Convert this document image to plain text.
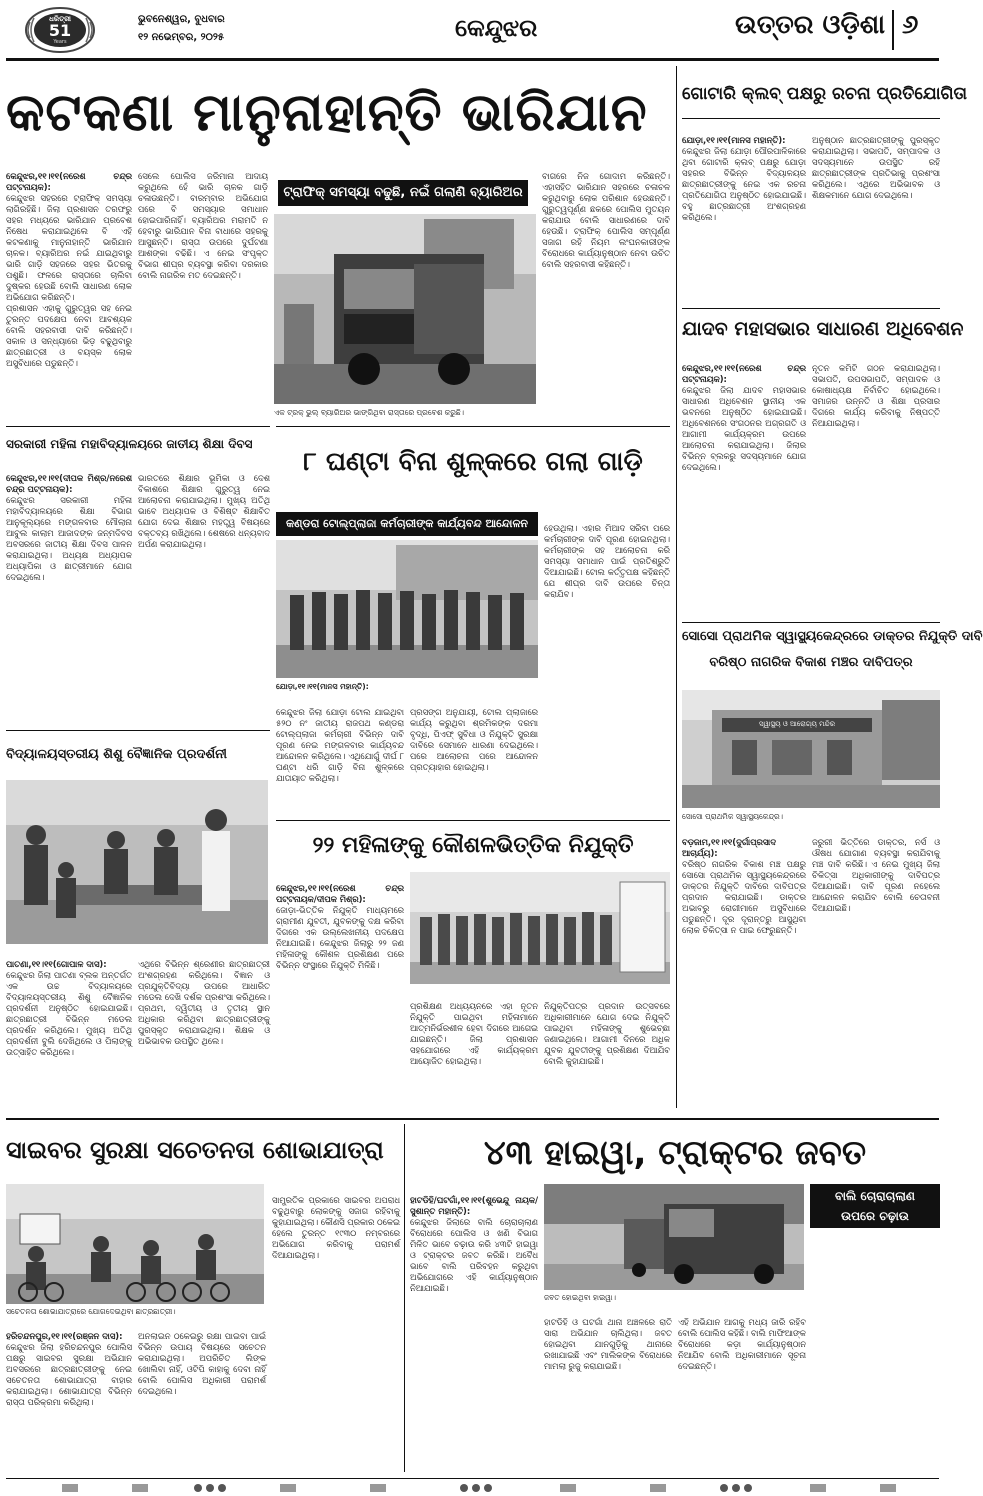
ଧରିତ୍ରୀ
51
Years
ଭୁବନେଶ୍ୱର, ବୁଧବାର
୧୨ ନଭେମ୍ବର, ୨୦୨୫	କେନ୍ଦୁଝର	ଉତ୍ତର ଓଡ଼ିଶା ୬
କଟକଣା ମାନୁନାହାନ୍ତି ଭାରିଯାନ
ଟ୍ରାଫିକ୍ ସମସ୍ୟା ବଢୁଛି, ନଇଁ ଗଲାଣି ବ୍ୟାରିଅର

କେନ୍ଦୁଝର,୧୧।୧୧(ନରେଶ ଚନ୍ଦ୍ର ପଟ୍ଟନାୟକ):
କେନ୍ଦୁଝର ସହରରେ ଟ୍ରାଫିକ୍ ସମସ୍ୟା ଲାଗିରହିଛି। ଜିଲା ପ୍ରଶାସନ ତରଫରୁ ସହର ମଧ୍ୟରେ ଭାରିଯାନ ପ୍ରବେଶ ନିଷେଧ କରାଯାଇଥିଲେ ବି ଏହି କଟକଣାକୁ ମାନୁନାହାନ୍ତି ଭାରିଯାନ ଚାଳକ। ବ୍ୟାରିଅର ନଇଁ ଯାଇଥିବାରୁ ଭାରି ଗାଡ଼ି ସହଜରେ ସହର ଭିତରକୁ ପଶୁଛି। ଫଳରେ ରାସ୍ତାରେ ଚାଲିବା ଦୁଷ୍କର ହେଉଛି ବୋଲି ସାଧାରଣ ଲୋକ ଅଭିଯୋଗ କରିଛନ୍ତି।
ପ୍ରଶାସନ ଏହାକୁ ଗୁରୁତ୍ୱର ସହ ନେଇ ତୁରନ୍ତ ପଦକ୍ଷେପ ନେବା ଆବଶ୍ୟକ ବୋଲି ସହରବାସୀ ଦାବି କରିଛନ୍ତି। ସକାଳ ଓ ସନ୍ଧ୍ୟାରେ ଭିଡ଼ ବଢୁଥିବାରୁ ଛାତ୍ରଛାତ୍ରୀ ଓ ବୟସ୍କ ଲୋକ ଅସୁବିଧାରେ ପଡୁଛନ୍ତି।

ସେଲେ ପୋଲିସ ଜରିମାନା ଆଦାୟ କରୁଥିଲେ ହେଁ ଭାରି ଚାଳକ ଗାଡ଼ି ଚଳାଉଛନ୍ତି। ବାରମ୍ବାର ଅଭିଯୋଗ ପରେ ବି ସମସ୍ୟାର ସମାଧାନ ହୋଇପାରିନାହିଁ। ବ୍ୟାରିଅର ମରାମତି ନ ହେବାରୁ ଭାରିଯାନ ବିନା ବାଧାରେ ସହରକୁ ଆସୁଛନ୍ତି। ରାସ୍ତା ଉପରେ ଦୁର୍ଘଟଣା ଆଶଙ୍କା ବଢିଛି। ଏ ନେଇ ସଂପୃକ୍ତ ବିଭାଗ ଶୀଘ୍ର ବ୍ୟବସ୍ଥା କରିବା ଦରକାର ବୋଲି ନାଗରିକ ମତ ଦେଇଛନ୍ତି।

ଏକ ଟ୍ରକ୍ ଭୁଲ୍ ବ୍ୟାରିଅର ଭାଙ୍ଗିଥିବା ରାସ୍ତାରେ ପ୍ରବେଶ କରୁଛି।

ବାଗରେ ନିଜ ଗୋଦାମ କରିଛନ୍ତି। ଏହାସହିତ ଭାରିଯାନ ସହରରେ ଚଳାଚଳ କରୁଥିବାରୁ ଲୋକ ପରିଶାନ ହେଉଛନ୍ତି। ଗୁରୁତ୍ୱପୂର୍ଣ୍ଣ ଛକରେ ପୋଲିସ ମୁତୟନ କରାଯାଉ ବୋଲି ସାଧାରଣରେ ଦାବି ହେଉଛି। ଟ୍ରାଫିକ୍ ପୋଲିସ ସମ୍ପୂର୍ଣ୍ଣ ସଜାଗ ରହି ନିୟମ ଲଂଘନକାରୀଙ୍କ ବିରୋଧରେ କାର୍ଯ୍ୟାନୁଷ୍ଠାନ ନେବା ଉଚିତ ବୋଲି ସହରବାସୀ କହିଛନ୍ତି।

ଗୋଟାରି କ୍ଲବ୍ ପକ୍ଷରୁ ରଚନା ପ୍ରତିଯୋଗିତା

ଯୋଡ଼ା,୧୧।୧୧(ମାନସ ମହାନ୍ତି):
କେନ୍ଦୁଝର ଜିଲା ଯୋଡ଼ା ପୌରପାଳିକାରେ ଥିବା ଗୋଟାରି କ୍ଲବ୍ ପକ୍ଷରୁ ଯୋଡ଼ା ସହରର ବିଭିନ୍ନ ବିଦ୍ୟାଳୟର ଛାତ୍ରଛାତ୍ରୀଙ୍କୁ ନେଇ ଏକ ରଚନା ପ୍ରତିଯୋଗିତା ଅନୁଷ୍ଠିତ ହୋଇଯାଇଛି। ବହୁ ଛାତ୍ରଛାତ୍ରୀ ଅଂଶଗ୍ରହଣ କରିଥିଲେ।

ଅନୁଷ୍ଠାନ ଛାତ୍ରଛାତ୍ରୀଙ୍କୁ ପୁରସ୍କୃତ କରାଯାଇଥିଲା। ସଭାପତି, ସମ୍ପାଦକ ଓ ସଦସ୍ୟମାନେ ଉପସ୍ଥିତ ରହି ଛାତ୍ରଛାତ୍ରୀଙ୍କ ପ୍ରତିଭାକୁ ପ୍ରଶଂସା କରିଥିଲେ। ଏଥିରେ ଅଭିଭାବକ ଓ ଶିକ୍ଷକମାନେ ଯୋଗ ଦେଇଥିଲେ।

ଯାଦବ ମହାସଭାର ସାଧାରଣ ଅଧିବେଶନ

କେନ୍ଦୁଝର,୧୧।୧୧(ନରେଶ ଚନ୍ଦ୍ର ପଟ୍ଟନାୟକ):
କେନ୍ଦୁଝର ଜିଲା ଯାଦବ ମହାସଭାର ସାଧାରଣ ଅଧିବେଶନ ସ୍ଥାନୀୟ ଏକ ଭବନରେ ଅନୁଷ୍ଠିତ ହୋଇଯାଇଛି। ଅଧିବେଶନରେ ସଂଗଠନର ଅଗ୍ରଗତି ଓ ଆଗାମୀ କାର୍ଯ୍ୟକ୍ରମ ଉପରେ ଆଲୋଚନା କରାଯାଇଥିଲା। ଜିଲାର ବିଭିନ୍ନ ବ୍ଲକରୁ ସଦସ୍ୟମାନେ ଯୋଗ ଦେଇଥିଲେ।

ନୂତନ କମିଟି ଗଠନ କରାଯାଇଥିଲା। ସଭାପତି, ଉପସଭାପତି, ସମ୍ପାଦକ ଓ କୋଷାଧ୍ୟକ୍ଷ ନିର୍ବାଚିତ ହୋଇଥିଲେ। ସମାଜର ଉନ୍ନତି ଓ ଶିକ୍ଷା ପ୍ରସାର ଦିଗରେ କାର୍ଯ୍ୟ କରିବାକୁ ନିଷ୍ପତ୍ତି ନିଆଯାଇଥିଲା।

ସୋସୋ ପ୍ରାଥମିକ ସ୍ୱାସ୍ଥ୍ୟକେନ୍ଦ୍ରରେ ଡାକ୍ତର ନିଯୁକ୍ତି ଦାବି
ବରିଷ୍ଠ ନାଗରିକ ବିକାଶ ମଞ୍ଚର ଦାବିପତ୍ର
ସ୍ୱାସ୍ଥ୍ୟ ଓ ଆରୋଗ୍ୟ ମନ୍ଦିର
ସୋସୋ ପ୍ରାଥମିକ ସ୍ୱାସ୍ଥ୍ୟକେନ୍ଦ୍ର।

ବଡ଼ଜାମ,୧୧।୧୧(ଦୁର୍ଗାପ୍ରସାଦ ଆଚାର୍ଯ୍ୟ):
ବରିଷ୍ଠ ନାଗରିକ ବିକାଶ ମଞ୍ଚ ପକ୍ଷରୁ ସୋସୋ ପ୍ରାଥମିକ ସ୍ୱାସ୍ଥ୍ୟକେନ୍ଦ୍ରରେ ଡାକ୍ତର ନିଯୁକ୍ତି ଦାବିରେ ଦାବିପତ୍ର ପ୍ରଦାନ କରାଯାଇଛି। ଡାକ୍ତର ଅଭାବରୁ ରୋଗୀମାନେ ଅସୁବିଧାରେ ପଡୁଛନ୍ତି। ଦୂର ଦୂରାନ୍ତରୁ ଆସୁଥିବା ଲୋକ ଚିକିତ୍ସା ନ ପାଇ ଫେରୁଛନ୍ତି।

ଜରୁରୀ ଭିତ୍ତିରେ ଡାକ୍ତର, ନର୍ସ ଓ ଔଷଧ ଯୋଗାଣ ବ୍ୟବସ୍ଥା କରାଯିବାକୁ ମଞ୍ଚ ଦାବି କରିଛି। ଏ ନେଇ ମୁଖ୍ୟ ଜିଲା ଚିକିତ୍ସା ଅଧିକାରୀଙ୍କୁ ଦାବିପତ୍ର ଦିଆଯାଇଛି। ଦାବି ପୂରଣ ନହେଲେ ଆନ୍ଦୋଳନ କରାଯିବ ବୋଲି ଚେତାବନୀ ଦିଆଯାଇଛି।

ସରକାରୀ ମହିଳା ମହାବିଦ୍ୟାଳୟରେ ଜାତୀୟ ଶିକ୍ଷା ଦିବସ

କେନ୍ଦୁଝର,୧୧।୧୧(ଦୀପକ ମିଶ୍ର/ନରେଶ ଚନ୍ଦ୍ର ପଟ୍ଟନାୟକ):
କେନ୍ଦୁଝର ସରକାରୀ ମହିଳା ମହାବିଦ୍ୟାଳୟରେ ଶିକ୍ଷା ବିଭାଗ ଆନୁକୂଲ୍ୟରେ ମଙ୍ଗଳବାର ମୌଲାନା ଆବୁଲ କାଲାମ ଆଜାଦଙ୍କ ଜନ୍ମଦିବସ ଅବସରରେ ଜାତୀୟ ଶିକ୍ଷା ଦିବସ ପାଳନ କରାଯାଇଥିଲା। ଅଧ୍ୟକ୍ଷ ଅଧ୍ୟାପକ ଅଧ୍ୟାପିକା ଓ ଛାତ୍ରୀମାନେ ଯୋଗ ଦେଇଥିଲେ।

ଭାରତରେ ଶିକ୍ଷାର ଭୂମିକା ଓ ଦେଶ ବିକାଶରେ ଶିକ୍ଷାର ଗୁରୁତ୍ୱ ନେଇ ଆଲୋଚନା କରାଯାଇଥିଲା। ମୁଖ୍ୟ ଅତିଥି ଭାବେ ଅଧ୍ୟାପକ ଓ ବିଶିଷ୍ଟ ଶିକ୍ଷାବିତ ଯୋଗ ଦେଇ ଶିକ୍ଷାର ମହତ୍ତ୍ୱ ବିଷୟରେ ବକ୍ତବ୍ୟ ରଖିଥିଲେ। ଶେଷରେ ଧନ୍ୟବାଦ ଅର୍ପଣ କରାଯାଇଥିଲା।

୮ ଘଣ୍ଟା ବିନା ଶୁଳ୍କରେ ଗଲା ଗାଡ଼ି
କଣ୍ଡରା ଟୋଲ୍‌ପ୍ଲାଜା କର୍ମଚାରୀଙ୍କ କାର୍ଯ୍ୟବନ୍ଦ ଆନ୍ଦୋଳନ
ଯୋଡ଼ା,୧୧।୧୧(ମାନସ ମହାନ୍ତି):

କେନ୍ଦୁଝର ଜିଲା ଯୋଡ଼ା ଟୋଲ ଯାଇଥିବା ୫୨୦ ନଂ ଜାତୀୟ ରାଜପଥ କଣ୍ଡରା ଟୋଲ୍‌ପ୍ଲାଜା କର୍ମଚାରୀ ବିଭିନ୍ନ ଦାବି ପୂରଣ ନେଇ ମଙ୍ଗଳବାର କାର୍ଯ୍ୟବନ୍ଦ ଆନ୍ଦୋଳନ କରିଥିଲେ। ଏଥିଯୋଗୁଁ ଦୀର୍ଘ ୮ ଘଣ୍ଟା ଧରି ଗାଡ଼ି ବିନା ଶୁଳ୍କରେ ଯାତାୟାତ କରିଥିଲା।

ପ୍ରସଙ୍ଗ ଅନୁଯାୟୀ, ଟୋଲ ପ୍ଲାଜାରେ କାର୍ଯ୍ୟ କରୁଥିବା ଶ୍ରମିକଙ୍କ ଦରମା ବୃଦ୍ଧି, ପିଏଫ୍ ସୁବିଧା ଓ ନିଯୁକ୍ତି ସୁରକ୍ଷା ଦାବିରେ ସେମାନେ ଧାରଣା ଦେଇଥିଲେ। ପରେ ଆଲୋଚନା ପରେ ଆନ୍ଦୋଳନ ପ୍ରତ୍ୟାହାର ହୋଇଥିଲା।

ହେଉଥିଲା। ଏହାର ମିଆଦ ସରିବା ପରେ କର୍ମଚାରୀଙ୍କ ଦାବି ପୂରଣ ହୋଇନଥିଲା। କର୍ମଚାରୀଙ୍କ ସହ ଆଲୋଚନା କରି ସମସ୍ୟା ସମାଧାନ ପାଇଁ ପ୍ରତିଶ୍ରୁତି ଦିଆଯାଇଛି। ଟୋଲ କର୍ତ୍ତୃପକ୍ଷ କହିଛନ୍ତି ଯେ ଶୀଘ୍ର ଦାବି ଉପରେ ଚିନ୍ତା କରାଯିବ।

ବିଦ୍ୟାଳୟସ୍ତରୀୟ ଶିଶୁ ବୈଜ୍ଞାନିକ ପ୍ରଦର୍ଶନୀ

ପାତଣା,୧୧।୧୧(ଗୋପାଳ ଦାସ):
କେନ୍ଦୁଝର ଜିଲା ପାତଣା ବ୍ଲକ ଅନ୍ତର୍ଗତ ଏକ ଉଚ୍ଚ ବିଦ୍ୟାଳୟରେ ବିଦ୍ୟାଳୟସ୍ତରୀୟ ଶିଶୁ ବୈଜ୍ଞାନିକ ପ୍ରଦର୍ଶନୀ ଅନୁଷ୍ଠିତ ହୋଇଯାଇଛି। ଛାତ୍ରଛାତ୍ରୀ ବିଭିନ୍ନ ମଡେଲ ପ୍ରଦର୍ଶନ କରିଥିଲେ। ମୁଖ୍ୟ ଅତିଥି ପ୍ରଦର୍ଶନୀ ବୁଲି ଦେଖିଥିଲେ ଓ ପିଲାଙ୍କୁ ଉତ୍ସାହିତ କରିଥିଲେ।

ଏଥିରେ ବିଭିନ୍ନ ଶ୍ରେଣୀର ଛାତ୍ରଛାତ୍ରୀ ଅଂଶଗ୍ରହଣ କରିଥିଲେ। ବିଜ୍ଞାନ ଓ ପ୍ରଯୁକ୍ତିବିଦ୍ୟା ଉପରେ ଆଧାରିତ ମଡେଲ ଦେଖି ଦର୍ଶକ ପ୍ରଶଂସା କରିଥିଲେ। ପ୍ରଥମ, ଦ୍ୱିତୀୟ ଓ ତୃତୀୟ ସ୍ଥାନ ଅଧିକାର କରିଥିବା ଛାତ୍ରଛାତ୍ରୀଙ୍କୁ ପୁରସ୍କୃତ କରାଯାଇଥିଲା। ଶିକ୍ଷକ ଓ ଅଭିଭାବକ ଉପସ୍ଥିତ ଥିଲେ।

୨୨ ମହିଳାଙ୍କୁ କୌଶଳଭିତ୍ତିକ ନିଯୁକ୍ତି

କେନ୍ଦୁଝର,୧୧।୧୧(ନରେଶ ଚନ୍ଦ୍ର ପଟ୍ଟନାୟକ/ଦୀପକ ମିଶ୍ର):
ଜୋଡ଼ା-ଭିତ୍ତିକ ନିଯୁକ୍ତି ମାଧ୍ୟମରେ ଗ୍ରାମୀଣ ଯୁବତୀ, ଯୁବକଙ୍କୁ ଦକ୍ଷ କରିବା ଦିଗରେ ଏକ ଉଲ୍ଲେଖନୀୟ ପଦକ୍ଷେପ ନିଆଯାଇଛି। କେନ୍ଦୁଝର ଜିଲାରୁ ୨୨ ଜଣ ମହିଳାଙ୍କୁ କୌଶଳ ପ୍ରଶିକ୍ଷଣ ପରେ ବିଭିନ୍ନ ସଂସ୍ଥାରେ ନିଯୁକ୍ତି ମିଳିଛି।

ପ୍ରଶିକ୍ଷଣ ଅଧ୍ୟୟନରେ ଏହା ନୂତନ ନିଯୁକ୍ତି ପାଇଥିବା ମହିଳାମାନେ ଆତ୍ମନିର୍ଭରଶୀଳ ହେବା ଦିଗରେ ଆଗେଇ ଯାଇଛନ୍ତି। ଜିଲା ପ୍ରଶାସନ ସହଯୋଗରେ ଏହି କାର୍ଯ୍ୟକ୍ରମ ଆୟୋଜିତ ହୋଇଥିଲା।

ନିଯୁକ୍ତିପତ୍ର ପ୍ରଦାନ ଉତ୍ସବରେ ଅଧିକାରୀମାନେ ଯୋଗ ଦେଇ ନିଯୁକ୍ତି ପାଇଥିବା ମହିଳାଙ୍କୁ ଶୁଭେଚ୍ଛା ଜଣାଇଥିଲେ। ଆଗାମୀ ଦିନରେ ଅଧିକ ଯୁବକ ଯୁବତୀଙ୍କୁ ପ୍ରଶିକ୍ଷଣ ଦିଆଯିବ ବୋଲି କୁହାଯାଇଛି।

ସାଇବର ସୁରକ୍ଷା ସଚେତନତା ଶୋଭାଯାତ୍ରା
ସଚେତନତା ଶୋଭାଯାତ୍ରାରେ ଯୋଗଦେଇଥିବା ଛାତ୍ରଛାତ୍ରୀ।

ହରିଚନ୍ଦନପୁର,୧୧।୧୧(ରଞ୍ଜନ ଦାସ):
କେନ୍ଦୁଝର ଜିଲା ହରିଚନ୍ଦନପୁର ପୋଲିସ ପକ୍ଷରୁ ସାଇବର ସୁରକ୍ଷା ଅଭିଯାନ ଅବସରରେ ଛାତ୍ରଛାତ୍ରୀଙ୍କୁ ନେଇ ସଚେତନତା ଶୋଭାଯାତ୍ରା ବାହାର କରାଯାଇଥିଲା। ଶୋଭାଯାତ୍ରା ବିଭିନ୍ନ ରାସ୍ତା ପରିକ୍ରମା କରିଥିଲା।

ଅନଲାଇନ ଠକେଇରୁ ରକ୍ଷା ପାଇବା ପାଇଁ ବିଭିନ୍ନ ଉପାୟ ବିଷୟରେ ସଚେତନ କରାଯାଇଥିଲା। ଅପରିଚିତ ଲିଙ୍କ ଖୋଲିବା ନାହିଁ, ଓଟିପି କାହାକୁ ଦେବା ନାହିଁ ବୋଲି ପୋଲିସ ଅଧିକାରୀ ପରାମର୍ଶ ଦେଇଥିଲେ।

ସାମ୍ପ୍ରତିକ ପ୍ରକାରେ ସାଇବର ଅପରାଧ ବଢୁଥିବାରୁ ଲୋକଙ୍କୁ ସଜାଗ ରହିବାକୁ କୁହାଯାଇଥିଲା। କୌଣସି ପ୍ରକାର ଠକେଇ ହେଲେ ତୁରନ୍ତ ୧୯୩୦ ନମ୍ବରରେ ଅଭିଯୋଗ କରିବାକୁ ପରାମର୍ଶ ଦିଆଯାଇଥିଲା।

୪୩ ହାଇୱା, ଟ୍ରାକ୍ଟର ଜବତ

ହାଟଡିହି/ଘଟଗାଁ,୧୧।୧୧(ଶୁଭେନ୍ଦୁ ନାୟକ/ସୁଶାନ୍ତ ମହାନ୍ତି):
କେନ୍ଦୁଝର ଜିଲାରେ ବାଲି ଚୋରାଚାଲାଣ ବିରୋଧରେ ପୋଲିସ ଓ ଖଣି ବିଭାଗ ମିଳିତ ଭାବେ ଚଢ଼ାଉ କରି ୪୩ଟି ହାଇୱା ଓ ଟ୍ରାକ୍ଟର ଜବତ କରିଛି। ଅବୈଧ ଭାବେ ବାଲି ପରିବହନ କରୁଥିବା ଅଭିଯୋଗରେ ଏହି କାର୍ଯ୍ୟାନୁଷ୍ଠାନ ନିଆଯାଇଛି।

ଜବତ ହୋଇଥିବା ହାଇୱା।
ବାଲି ଚୋରାଚାଲାଣ
ଉପରେ ଚଢ଼ାଉ

ହାଟଡିହି ଓ ଘଟଗାଁ ଥାନା ଅଞ୍ଚଳରେ ରାତି ସାରା ଅଭିଯାନ ଚାଲିଥିଲା। ଜବତ ହୋଇଥିବା ଯାନଗୁଡ଼ିକୁ ଥାନାରେ ରଖାଯାଇଛି ଏବଂ ମାଲିକଙ୍କ ବିରୋଧରେ ମାମଲା ରୁଜୁ କରାଯାଇଛି।

ଏହି ଅଭିଯାନ ଆଗକୁ ମଧ୍ୟ ଜାରି ରହିବ ବୋଲି ପୋଲିସ କହିଛି। ବାଲି ମାଫିଆଙ୍କ ବିରୋଧରେ କଡ଼ା କାର୍ଯ୍ୟାନୁଷ୍ଠାନ ନିଆଯିବ ବୋଲି ଅଧିକାରୀମାନେ ସୂଚନା ଦେଇଛନ୍ତି।
